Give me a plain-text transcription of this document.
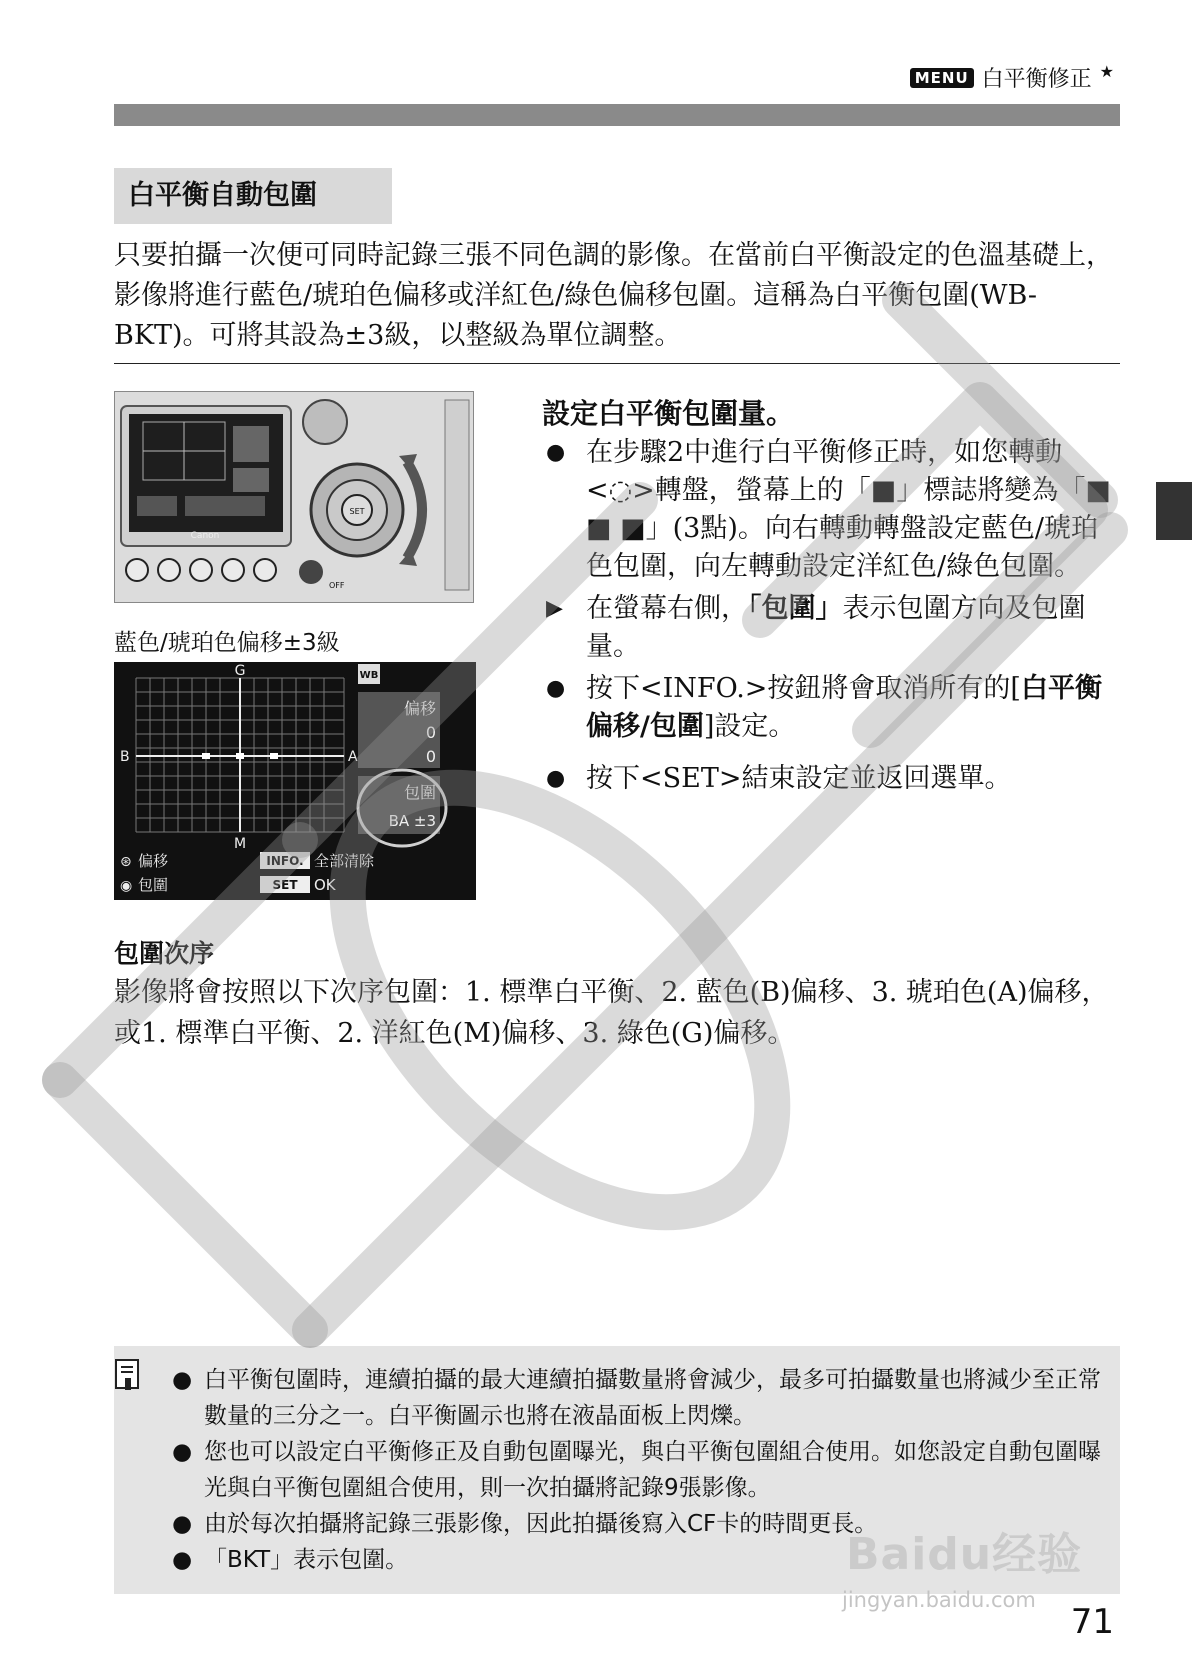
MENU 白平衡修正 ★
白平衡自動包圍
只要拍攝一次便可同時記錄三張不同色調的影像。在當前白平衡設定的色溫基礎上，影像將進行藍色/琥珀色偏移或洋紅色/綠色偏移包圍。這稱為白平衡包圍(WB-BKT)。可將其設為±3級，以整級為單位調整。
Canon
SET
OFF
藍色/琥珀色偏移±3級
G
M
B	A
WB
偏移
0
0
包圍
BA ±3
⊛ 偏移
◉ 包圍
INFO. 全部清除
SET OK
設定白平衡包圍量。
● 在步驟2中進行白平衡修正時，如您轉動<◌>轉盤，螢幕上的「■」標誌將變為「■ ■ ■」(3點)。向右轉動轉盤設定藍色/琥珀色包圍，向左轉動設定洋紅色/綠色包圍。
▶ 在螢幕右側，「包圍」表示包圍方向及包圍量。
● 按下<INFO.>按鈕將會取消所有的[白平衡偏移/包圍]設定。
● 按下<SET>結束設定並返回選單。
包圍次序
影像將會按照以下次序包圍：1. 標準白平衡、2. 藍色(B)偏移、3. 琥珀色(A)偏移，或1. 標準白平衡、2. 洋紅色(M)偏移、3. 綠色(G)偏移。
● 白平衡包圍時，連續拍攝的最大連續拍攝數量將會減少，最多可拍攝數量也將減少至正常數量的三分之一。白平衡圖示也將在液晶面板上閃爍。
● 您也可以設定白平衡修正及自動包圍曝光，與白平衡包圍組合使用。如您設定自動包圍曝光與白平衡包圍組合使用，則一次拍攝將記錄9張影像。
● 由於每次拍攝將記錄三張影像，因此拍攝後寫入CF卡的時間更長。
● 「BKT」表示包圍。
71
Baidu经验
jingyan.baidu.com
